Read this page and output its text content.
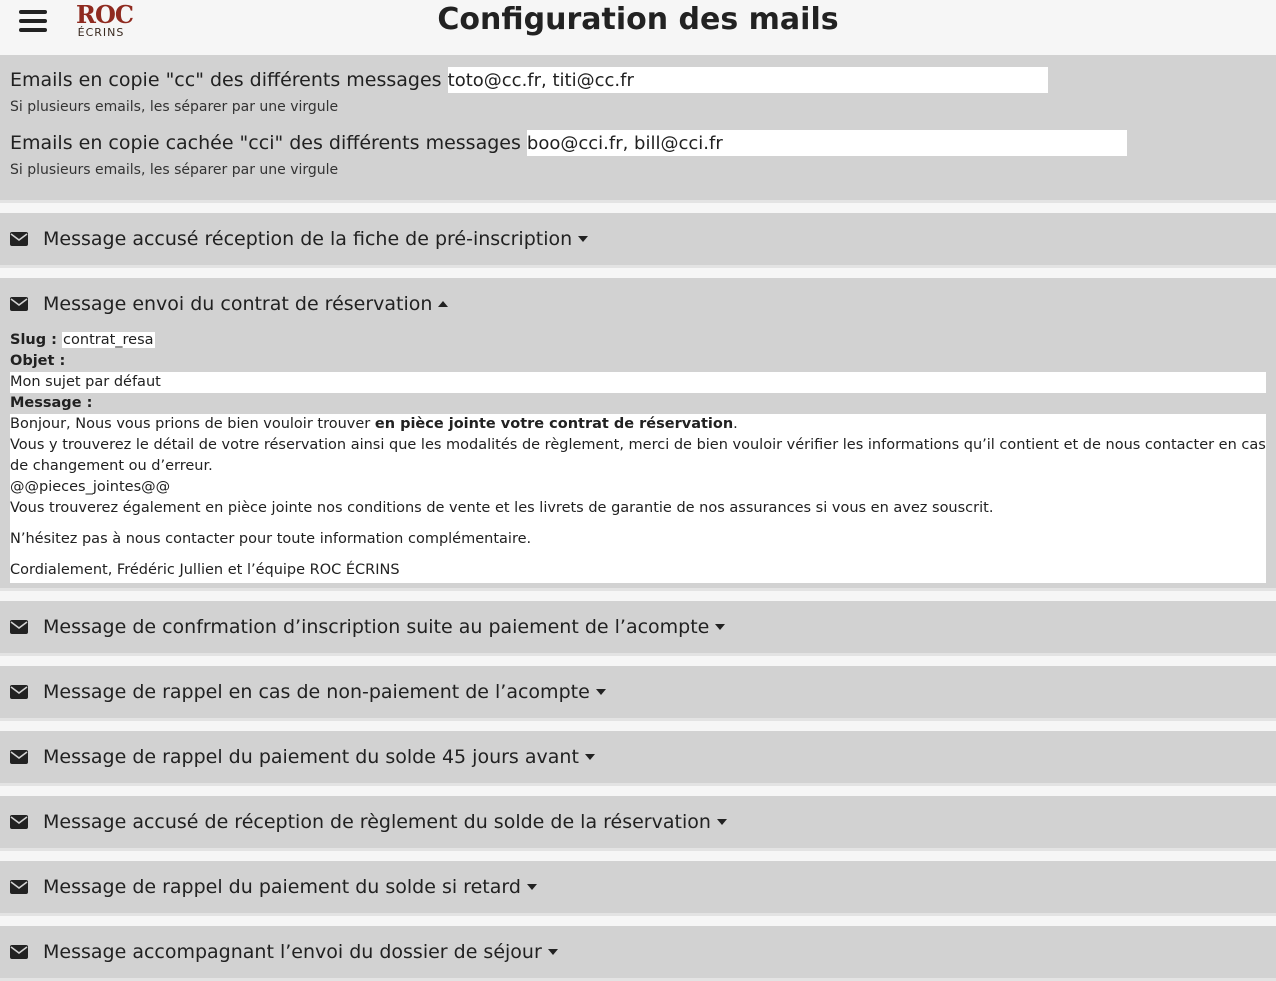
ROC
ÉCRINS	Configuration des mails
Emails en copie "cc" des différents messages toto@cc.fr, titi@cc.fr
Si plusieurs emails, les séparer par une virgule
Emails en copie cachée "cci" des différents messages boo@cci.fr, bill@cci.fr
Si plusieurs emails, les séparer par une virgule
Message accusé réception de la fiche de pré-inscription
Message envoi du contrat de réservation
Slug : contrat_resa
Objet :
Mon sujet par défaut
Message :

Bonjour, Nous vous prions de bien vouloir trouver en pièce jointe votre contrat de réservation.

Vous y trouverez le détail de votre réservation ainsi que les modalités de règlement, merci de bien vouloir vérifier les informations qu’il contient et de nous contacter en cas de changement ou d’erreur.

@@pieces_jointes@@

Vous trouverez également en pièce jointe nos conditions de vente et les livrets de garantie de nos assurances si vous en avez souscrit.

N’hésitez pas à nous contacter pour toute information complémentaire.

Cordialement, Frédéric Jullien et l’équipe ROC ÉCRINS

Message de confrmation d’inscription suite au paiement de l’acompte
Message de rappel en cas de non-paiement de l’acompte
Message de rappel du paiement du solde 45 jours avant
Message accusé de réception de règlement du solde de la réservation
Message de rappel du paiement du solde si retard
Message accompagnant l’envoi du dossier de séjour
